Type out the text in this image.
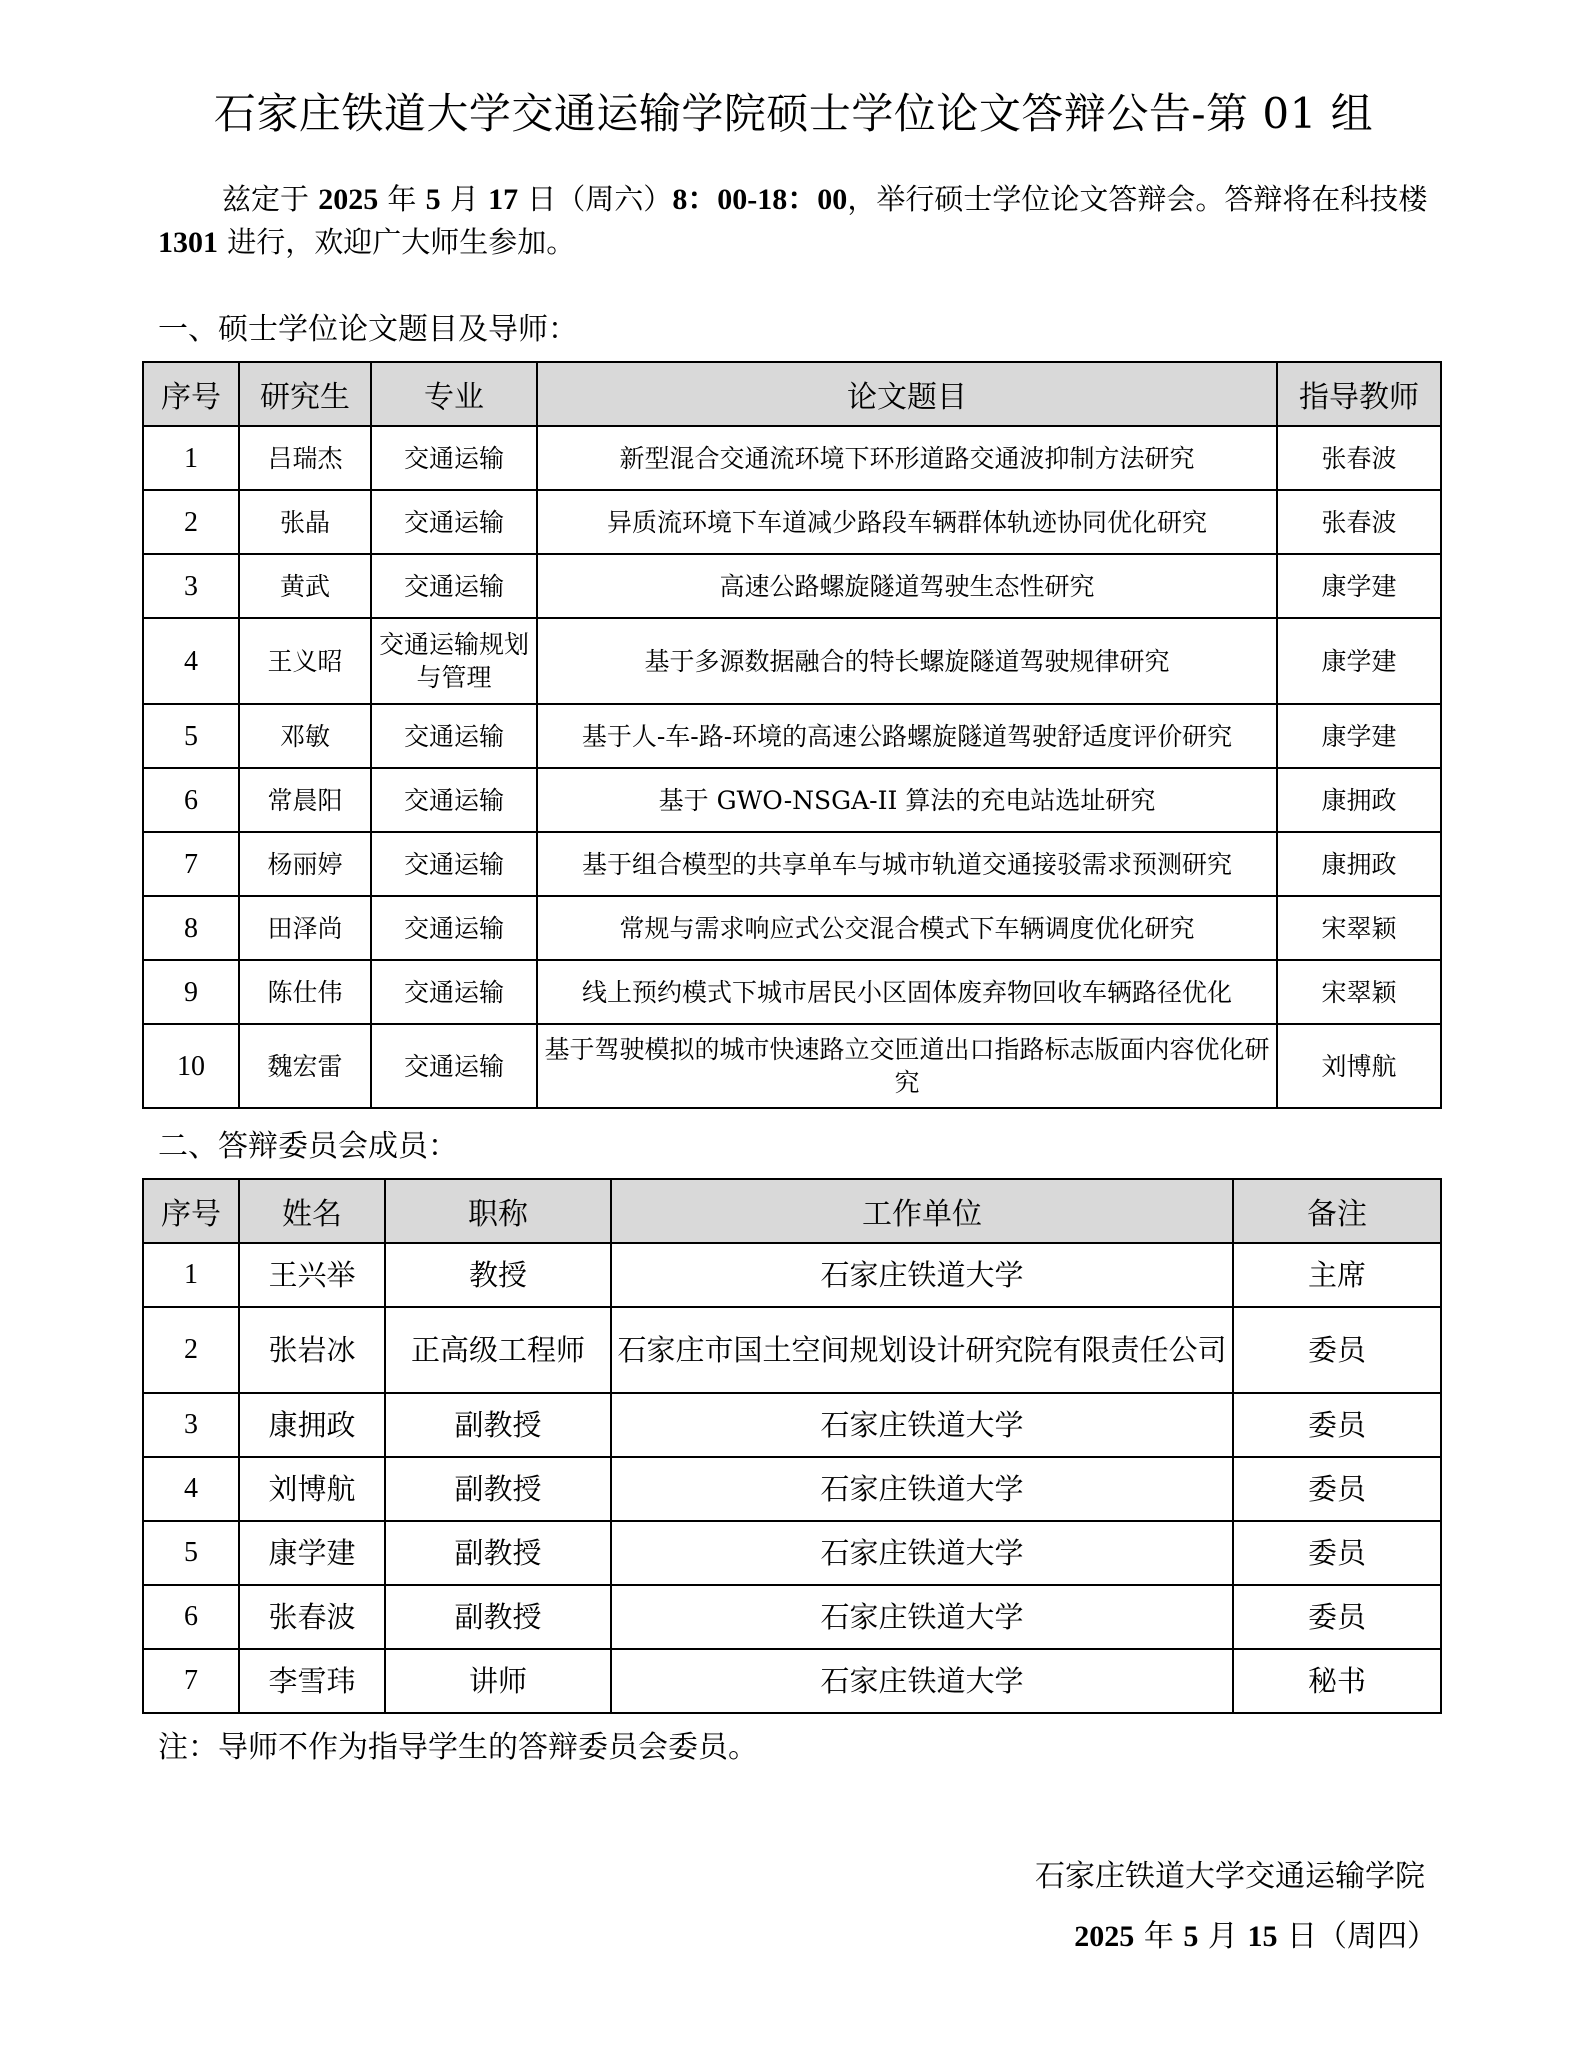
石家庄铁道大学交通运输学院硕士学位论文答辩公告-第 01 组
兹定于 2025 年 5 月 17 日（周六）8：00-18：00，举行硕士学位论文答辩会。答辩将在科技楼 1301 进行，欢迎广大师生参加。
一、硕士学位论文题目及导师：
序号	研究生	专业	论文题目	指导教师
1	吕瑞杰	交通运输	新型混合交通流环境下环形道路交通波抑制方法研究	张春波
2	张晶	交通运输	异质流环境下车道减少路段车辆群体轨迹协同优化研究	张春波
3	黄武	交通运输	高速公路螺旋隧道驾驶生态性研究	康学建
4	王义昭	交通运输规划与管理	基于多源数据融合的特长螺旋隧道驾驶规律研究	康学建
5	邓敏	交通运输	基于人-车-路-环境的高速公路螺旋隧道驾驶舒适度评价研究	康学建
6	常晨阳	交通运输	基于 GWO-NSGA-II 算法的充电站选址研究	康拥政
7	杨丽婷	交通运输	基于组合模型的共享单车与城市轨道交通接驳需求预测研究	康拥政
8	田泽尚	交通运输	常规与需求响应式公交混合模式下车辆调度优化研究	宋翠颖
9	陈仕伟	交通运输	线上预约模式下城市居民小区固体废弃物回收车辆路径优化	宋翠颖
10	魏宏雷	交通运输	基于驾驶模拟的城市快速路立交匝道出口指路标志版面内容优化研究	刘博航
二、答辩委员会成员：
序号	姓名	职称	工作单位	备注
1	王兴举	教授	石家庄铁道大学	主席
2	张岩冰	正高级工程师	石家庄市国土空间规划设计研究院有限责任公司	委员
3	康拥政	副教授	石家庄铁道大学	委员
4	刘博航	副教授	石家庄铁道大学	委员
5	康学建	副教授	石家庄铁道大学	委员
6	张春波	副教授	石家庄铁道大学	委员
7	李雪玮	讲师	石家庄铁道大学	秘书
注：导师不作为指导学生的答辩委员会委员。
石家庄铁道大学交通运输学院
2025 年 5 月 15 日（周四）
